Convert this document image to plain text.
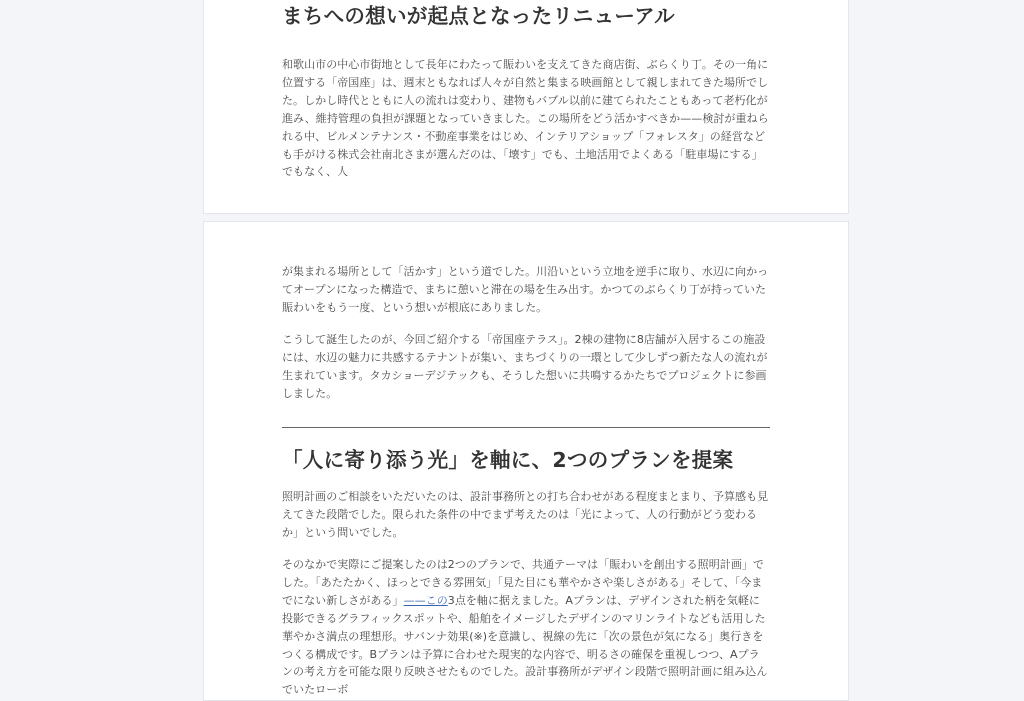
まちへの想いが起点となったリニューアル

和歌山市の中心市街地として長年にわたって賑わいを支えてきた商店街、ぶらくり丁。その一角に位置する「帝国座」は、週末ともなれば人々が自然と集まる映画館として親しまれてきた場所でした。しかし時代とともに人の流れは変わり、建物もバブル以前に建てられたこともあって老朽化が進み、維持管理の負担が課題となっていきました。この場所をどう活かすべきか——検討が重ねられる中、ビルメンテナンス・不動産事業をはじめ、インテリアショップ「フォレスタ」の経営なども手がける株式会社南北さまが選んだのは、「壊す」でも、土地活用でよくある「駐車場にする」でもなく、人

が集まれる場所として「活かす」という道でした。川沿いという立地を逆手に取り、水辺に向かってオープンになった構造で、まちに憩いと滞在の場を生み出す。かつてのぶらくり丁が持っていた賑わいをもう一度、という想いが根底にありました。

こうして誕生したのが、今回ご紹介する「帝国座テラス」。2棟の建物に8店舗が入居するこの施設には、水辺の魅力に共感するテナントが集い、まちづくりの一環として少しずつ新たな人の流れが生まれています。タカショーデジテックも、そうした想いに共鳴するかたちでプロジェクトに参画しました。

「人に寄り添う光」を軸に、2つのプランを提案

照明計画のご相談をいただいたのは、設計事務所との打ち合わせがある程度まとまり、予算感も見えてきた段階でした。限られた条件の中でまず考えたのは「光によって、人の行動がどう変わるか」という問いでした。

そのなかで実際にご提案したのは2つのプランで、共通テーマは「賑わいを創出する照明計画」でした。「あたたかく、ほっとできる雰囲気」「見た目にも華やかさや楽しさがある」そして、「今までにない新しさがある」——この3点を軸に据えました。Aプランは、デザインされた柄を気軽に投影できるグラフィックスポットや、船舶をイメージしたデザインのマリンライトなども活用した華やかさ満点の理想形。サバンナ効果(※)を意識し、視線の先に「次の景色が気になる」奥行きをつくる構成です。Bプランは予算に合わせた現実的な内容で、明るさの確保を重視しつつ、Aプランの考え方を可能な限り反映させたものでした。設計事務所がデザイン段階で照明計画に組み込んでいたローボ
